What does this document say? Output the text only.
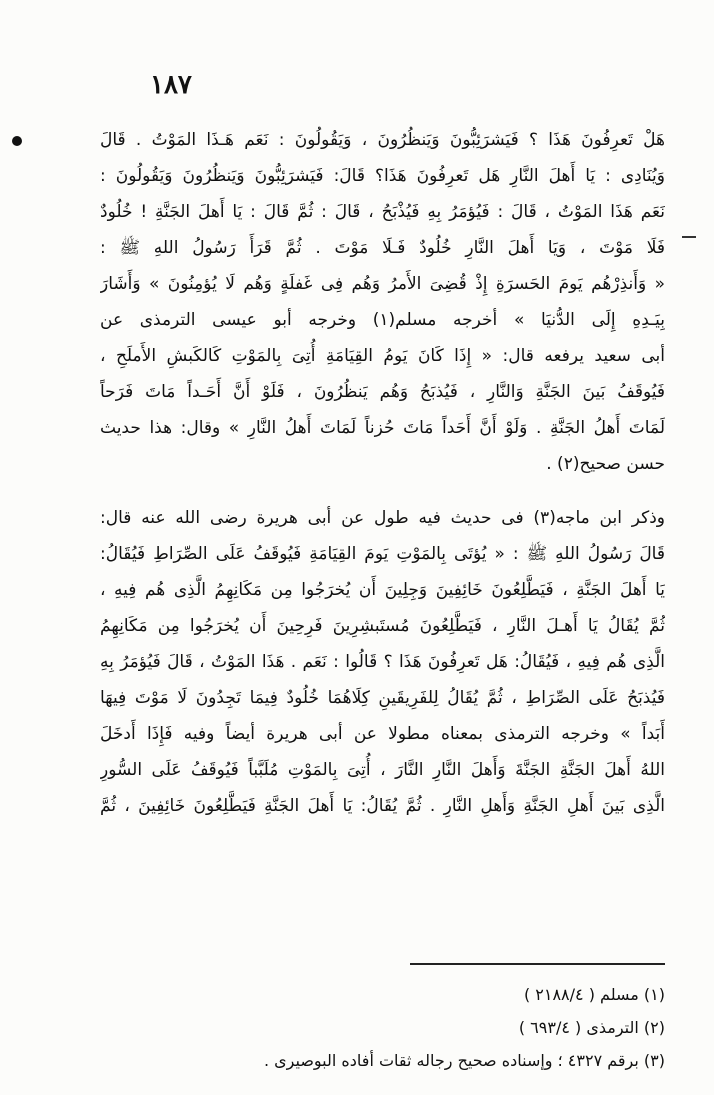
١٨٧
هَلْ تَعرِفُونَ هَذَا ؟ فَيَشرَئِبُّونَ وَيَنظُرُونَ ، وَيَقُولُونَ : نَعَم هَـذَا المَوْتُ . قَالَ
وَيُنَادِى : يَا أَهلَ النَّارِ هَل تَعرِفُونَ هَذَا؟ قَالَ: فَيَشرَئِبُّونَ وَيَنظُرُونَ وَيَقُولُونَ :
نَعَم هَذَا المَوْتُ ، قَالَ : فَيُؤمَرُ بِهِ فَيُذْبَحُ ، قَالَ : ثُمَّ قَالَ : يَا أَهلَ الجَنَّةِ ! خُلُودٌ
فَلَا مَوْتَ ، وَيَا أَهلَ النَّارِ خُلُودٌ فَـلَا مَوْتَ . ثُمَّ قَرَأَ رَسُولُ اللهِ ﷺ :
« وَأَنذِرْهُم يَومَ الحَسرَةِ إِذْ قُضِىَ الأَمرُ وَهُم فِى غَفلَةٍ وَهُم لَا يُؤمِنُونَ » وَأَشَارَ
بِيَـدِهِ إِلَى الدُّنيَا » أخرجه مسلم(١) وخرجه أبو عيسى الترمذى عن
أبى سعيد يرفعه قال: « إِذَا كَانَ يَومُ القِيَامَةِ أُتِىَ بِالمَوْتِ كَالكَبشِ الأَملَحِ ،
فَيُوقَفُ بَينَ الجَنَّةِ وَالنَّارِ ، فَيُذبَحُ وَهُم يَنظُرُونَ ، فَلَوْ أَنَّ أَحَـداً مَاتَ فَرَحاً
لَمَاتَ أَهلُ الجَنَّةِ . وَلَوْ أَنَّ أَحَداً مَاتَ حُزناً لَمَاتَ أَهلُ النَّارِ » وقال: هذا حديث
حسن صحيح(٢) .
وذكر ابن ماجه(٣) فى حديث فيه طول عن أبى هريرة رضى الله عنه قال:
قَالَ رَسُولُ اللهِ ﷺ : « يُؤتَى بِالمَوْتِ يَومَ القِيَامَةِ فَيُوقَفُ عَلَى الصِّرَاطِ فَيُقَالُ:
يَا أَهلَ الجَنَّةِ ، فَيَطَّلِعُونَ خَائِفِينَ وَجِلِينَ أَن يُخرَجُوا مِن مَكَانِهِمُ الَّذِى هُم فِيهِ ،
ثُمَّ يُقَالُ يَا أَهـلَ النَّارِ ، فَيَطَّلِعُونَ مُستَبشِرِينَ فَرِحِينَ أَن يُخرَجُوا مِن مَكَانِهِمُ
الَّذِى هُم فِيهِ ، فَيُقَالُ: هَل تَعرِفُونَ هَذَا ؟ قَالُوا : نَعَم . هَذَا المَوْتُ ، قَالَ فَيُؤمَرُ بِهِ
فَيُذبَحُ عَلَى الصِّرَاطِ ، ثُمَّ يُقَالُ لِلفَرِيقَينِ كِلَاهُمَا خُلُودٌ فِيمَا تَجِدُونَ لَا مَوْتَ فِيهَا
أَبَداً » وخرجه الترمذى بمعناه مطولا عن أبى هريرة أيضاً وفيه فَإِذَا أَدخَلَ
اللهُ أَهلَ الجَنَّةِ الجَنَّةَ وَأَهلَ النَّارِ النَّارَ ، أُتِىَ بِالمَوْتِ مُلَبَّباً فَيُوقَفُ عَلَى السُّورِ
الَّذِى بَينَ أَهلِ الجَنَّةِ وَأَهلِ النَّارِ . ثُمَّ يُقَالُ: يَا أَهلَ الجَنَّةِ فَيَطَّلِعُونَ خَائِفِينَ ، ثُمَّ
(١) مسلم ( ٢١٨٨/٤ )
(٢) الترمذى ( ٦٩٣/٤ )
(٣) برقم ٤٣٢٧ ؛ وإسناده صحيح رجاله ثقات أفاده البوصيرى .
